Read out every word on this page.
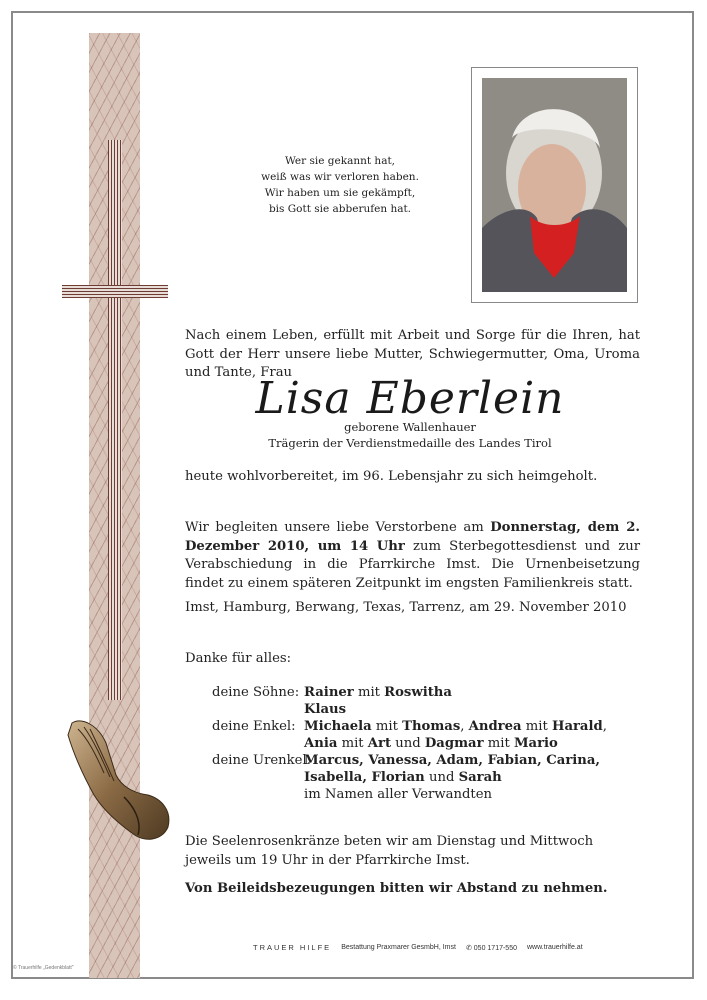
Wer sie gekannt hat,
weiß was wir verloren haben.
Wir haben um sie gekämpft,
bis Gott sie abberufen hat.
Nach einem Leben, erfüllt mit Arbeit und Sorge für die Ihren, hat Gott der Herr unsere liebe Mutter, Schwiegermutter, Oma, Uroma und Tante, Frau
Lisa Eberlein
geborene Wallenhauer
Trägerin der Verdienstmedaille des Landes Tirol
heute wohlvorbereitet, im 96. Lebensjahr zu sich heimgeholt.
Wir begleiten unsere liebe Verstorbene am Donnerstag, dem 2. Dezember 2010, um 14 Uhr zum Sterbegottesdienst und zur Verabschiedung in die Pfarrkirche Imst. Die Urnenbeisetzung findet zu einem späteren Zeitpunkt im engsten Familienkreis statt.
Imst, Hamburg, Berwang, Texas, Tarrenz, am 29. November 2010
Danke für alles:
deine Söhne: Rainer mit Roswitha
Klaus
deine Enkel: Michaela mit Thomas, Andrea mit Harald,
Ania mit Art und Dagmar mit Mario
deine Urenkel:
Marcus, Vanessa, Adam, Fabian, Carina,
Isabella, Florian und Sarah
im Namen aller Verwandten
Die Seelenrosenkränze beten wir am Dienstag und Mittwoch jeweils um 19 Uhr in der Pfarrkirche Imst.
Von Beileidsbezeugungen bitten wir Abstand zu nehmen.
TRAUER HILFE Bestattung Praxmarer GesmbH, Imst ✆ 050 1717-550 www.trauerhilfe.at
© Trauerhilfe „Gedenkblatt"
